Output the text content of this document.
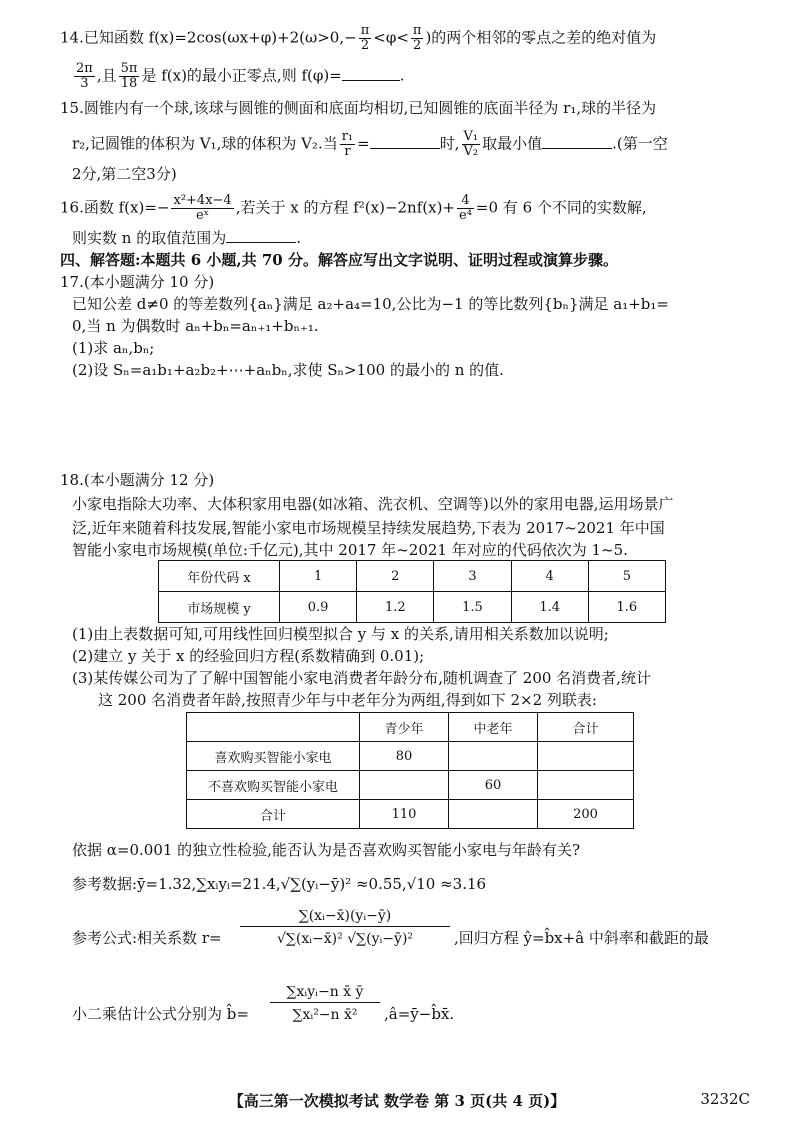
14.已知函数 $f(x)=2\cos(\omega x+\varphi)+2(\omega>0,- \frac{\pi}{2} <\varphi< \frac{\pi}{2}$ )的两个相邻的零点之差的绝对值为
$\frac{2\pi}{3}$ ,且 $\frac{5\pi}{18}$ 是 f(x)的最小正零点,则 f(φ)=	.
15.圆锥内有一个球,该球与圆锥的侧面和底面均相切,已知圆锥的底面半径为 r₁,球的半径为
r₂,记圆锥的体积为 V₁,球的体积为 V₂.当 $\frac{\text{r₁}}{r}$ =	时, $\frac{\text{V₁}}{\text{V₂}}$ 取最小值	.(第一空
2分,第二空3分)
16.函数 $f(x)=- \frac{\text{x²+4x−4}}{\text{eˣ}}$ ,若关于 x 的方程 $f^2(x)-2nf(x)+ \frac{4}{\text{e⁴}} =0$ 有 6 个不同的实数解,
则实数 n 的取值范围为	.
四、解答题:本题共 6 小题,共 70 分。解答应写出文字说明、证明过程或演算步骤。
17.(本小题满分 10 分)
已知公差 d≠0 的等差数列{aₙ}满足 a₂+a₄=10,公比为−1 的等比数列{bₙ}满足 a₁+b₁=
0,当 n 为偶数时 aₙ+bₙ=aₙ₊₁+bₙ₊₁.
(1)求 aₙ,bₙ;
(2)设 Sₙ=a₁b₁+a₂b₂+⋯+aₙbₙ,求使 Sₙ>100 的最小的 n 的值.
18.(本小题满分 12 分)
小家电指除大功率、大体积家用电器(如冰箱、洗衣机、空调等)以外的家用电器,运用场景广
泛,近年来随着科技发展,智能小家电市场规模呈持续发展趋势,下表为 2017~2021 年中国
智能小家电市场规模(单位:千亿元),其中 2017 年~2021 年对应的代码依次为 1~5.
年份代码 x	1	2	3	4	5
市场规模 y	0.9	1.2	1.5	1.4	1.6
(1)由上表数据可知,可用线性回归模型拟合 y 与 x 的关系,请用相关系数加以说明;
(2)建立 y 关于 x 的经验回归方程(系数精确到 0.01);
(3)某传媒公司为了了解中国智能小家电消费者年龄分布,随机调查了 200 名消费者,统计
这 200 名消费者年龄,按照青少年与中老年分为两组,得到如下 2×2 列联表:
	青少年	中老年	合计
喜欢购买智能小家电	80		
不喜欢购买智能小家电		60	
合计	110		200
依据 α=0.001 的独立性检验,能否认为是否喜欢购买智能小家电与年龄有关?
参考数据:ȳ=1.32,∑xᵢyᵢ=21.4,√∑(yᵢ−ȳ)² ≈0.55,√10 ≈3.16
参考公式:相关系数 $r= \frac{\text{∑(xᵢ−x̄)(yᵢ−ȳ)}}{\text{√∑(xᵢ−x̄)² √∑(yᵢ−ȳ)²}}$ ,回归方程 ŷ=b̂x+â 中斜率和截距的最
小二乘估计公式分别为 b̂=
∑xᵢyᵢ−n x̄ ȳ
∑xᵢ²−n x̄²	,â=ȳ−b̂x̄.
【高三第一次模拟考试 数学卷 第 3 页(共 4 页)】	3232C
